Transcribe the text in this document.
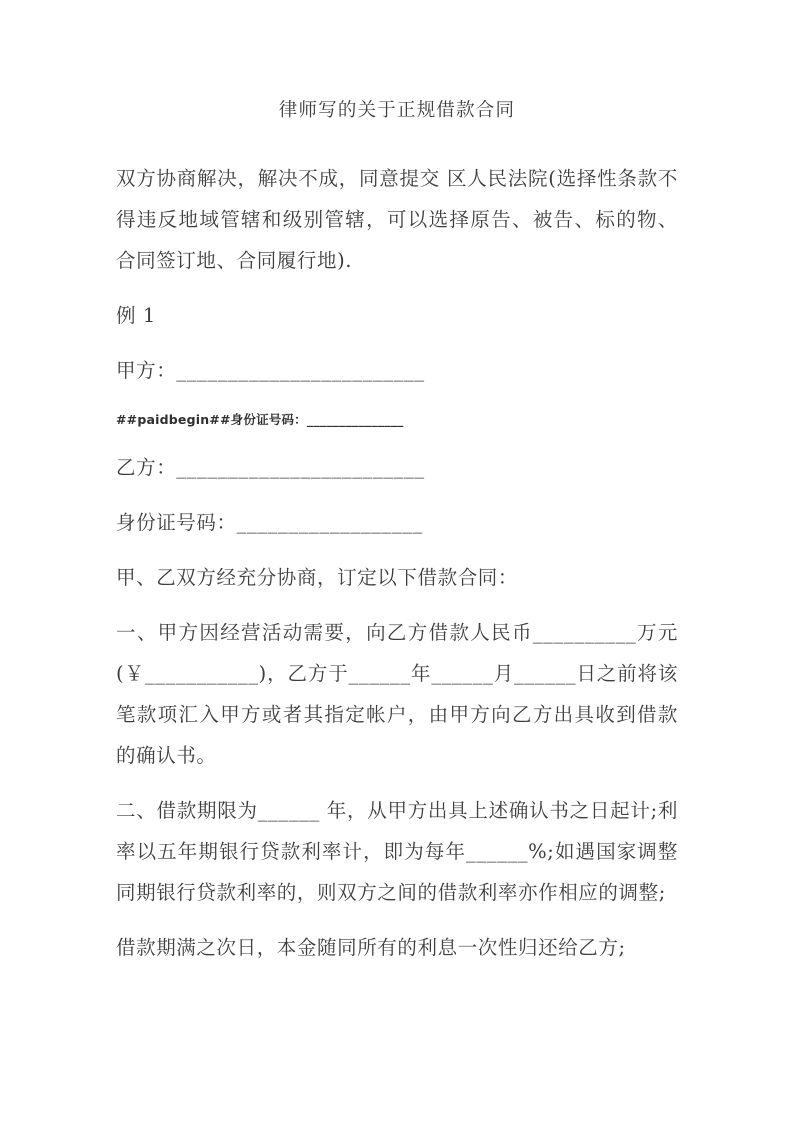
律师写的关于正规借款合同

双方协商解决，解决不成，同意提交 区人民法院(选择性条款不得违反地域管辖和级别管辖，可以选择原告、被告、标的物、合同签订地、合同履行地).

例 1

甲方：________________________

##paidbegin##身份证号码：_______________

乙方：________________________

身份证号码：__________________

甲、乙双方经充分协商，订定以下借款合同：

一、甲方因经营活动需要，向乙方借款人民币__________万元(￥___________)，乙方于______年______月______日之前将该笔款项汇入甲方或者其指定帐户，由甲方向乙方出具收到借款的确认书。

二、借款期限为______ 年，从甲方出具上述确认书之日起计;利率以五年期银行贷款利率计，即为每年______%;如遇国家调整同期银行贷款利率的，则双方之间的借款利率亦作相应的调整;

借款期满之次日，本金随同所有的利息一次性归还给乙方;
